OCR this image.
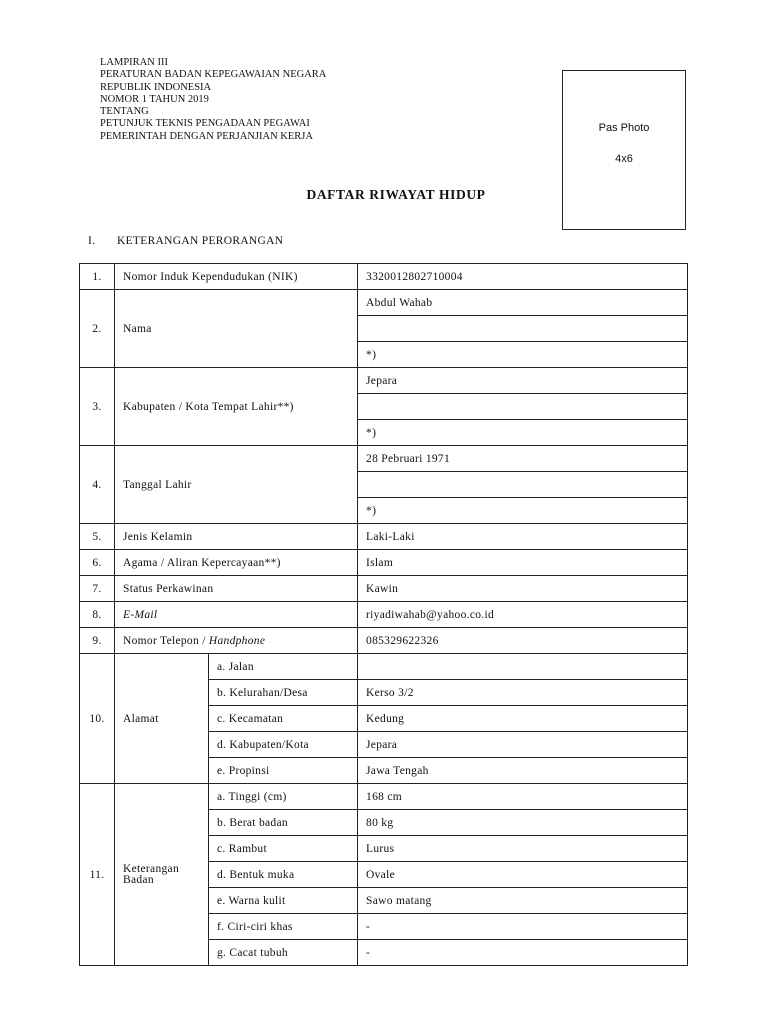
LAMPIRAN III
PERATURAN BADAN KEPEGAWAIAN NEGARA
REPUBLIK INDONESIA
NOMOR 1 TAHUN 2019
TENTANG
PETUNJUK TEKNIS PENGADAAN PEGAWAI
PEMERINTAH DENGAN PERJANJIAN KERJA
Pas Photo
4x6
DAFTAR RIWAYAT HIDUP
I. KETERANGAN PERORANGAN
1.	Nomor Induk Kependudukan (NIK)		3320012802710004
2.	Nama		Abdul Wahab

			*)
3.	Kabupaten / Kota Tempat Lahir**)		Jepara

			*)
4.	Tanggal Lahir		28 Pebruari 1971

			*)
5.	Jenis Kelamin		Laki-Laki
6.	Agama / Aliran Kepercayaan**)		Islam
7.	Status Perkawinan		Kawin
8.	E-Mail		riyadiwahab@yahoo.co.id
9.	Nomor Telepon / Handphone		085329622326
10.	Alamat	a. Jalan	
		b. Kelurahan/Desa	Kerso 3/2
		c. Kecamatan	Kedung
		d. Kabupaten/Kota	Jepara
		e. Propinsi	Jawa Tengah
11.	Keterangan Badan	a. Tinggi (cm)	168 cm
		b. Berat badan	80 kg
		c. Rambut	Lurus
		d. Bentuk muka	Ovale
		e. Warna kulit	Sawo matang
		f. Ciri-ciri khas	-
		g. Cacat tubuh	-
